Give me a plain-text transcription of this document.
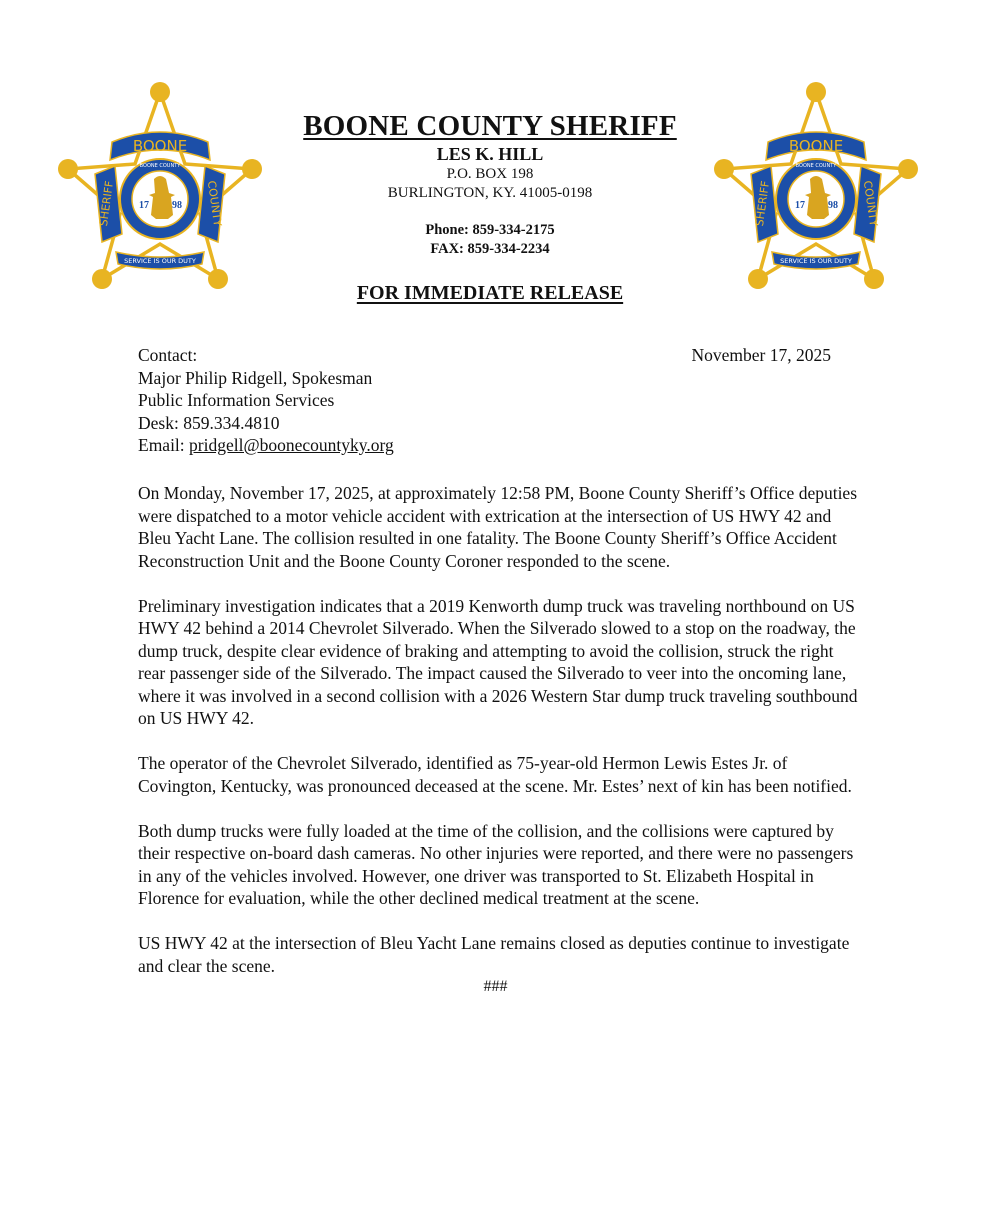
BOONE
SHERIFF	COUNTY
17 98
BOONE COUNTY
SERVICE IS OUR DUTY
BOONE
SHERIFF	COUNTY
17 98
BOONE COUNTY
SERVICE IS OUR DUTY
BOONE COUNTY SHERIFF
LES K. HILL
P.O. BOX 198
BURLINGTON, KY. 41005-0198
Phone: 859-334-2175
FAX: 859-334-2234
FOR IMMEDIATE RELEASE
Contact:
Major Philip Ridgell, Spokesman
Public Information Services
Desk: 859.334.4810
Email: pridgell@boonecountyky.org
November 17, 2025

On Monday, November 17, 2025, at approximately 12:58 PM, Boone County Sheriff’s Office deputies were dispatched to a motor vehicle accident with extrication at the intersection of US HWY 42 and Bleu Yacht Lane. The collision resulted in one fatality. The Boone County Sheriff’s Office Accident Reconstruction Unit and the Boone County Coroner responded to the scene.

Preliminary investigation indicates that a 2019 Kenworth dump truck was traveling northbound on US HWY 42 behind a 2014 Chevrolet Silverado. When the Silverado slowed to a stop on the roadway, the dump truck, despite clear evidence of braking and attempting to avoid the collision, struck the right rear passenger side of the Silverado. The impact caused the Silverado to veer into the oncoming lane, where it was involved in a second collision with a 2026 Western Star dump truck traveling southbound on US HWY 42.

The operator of the Chevrolet Silverado, identified as 75-year-old Hermon Lewis Estes Jr. of Covington, Kentucky, was pronounced deceased at the scene. Mr. Estes’ next of kin has been notified.

Both dump trucks were fully loaded at the time of the collision, and the collisions were captured by their respective on-board dash cameras. No other injuries were reported, and there were no passengers in any of the vehicles involved. However, one driver was transported to St. Elizabeth Hospital in Florence for evaluation, while the other declined medical treatment at the scene.

US HWY 42 at the intersection of Bleu Yacht Lane remains closed as deputies continue to investigate and clear the scene.

###
